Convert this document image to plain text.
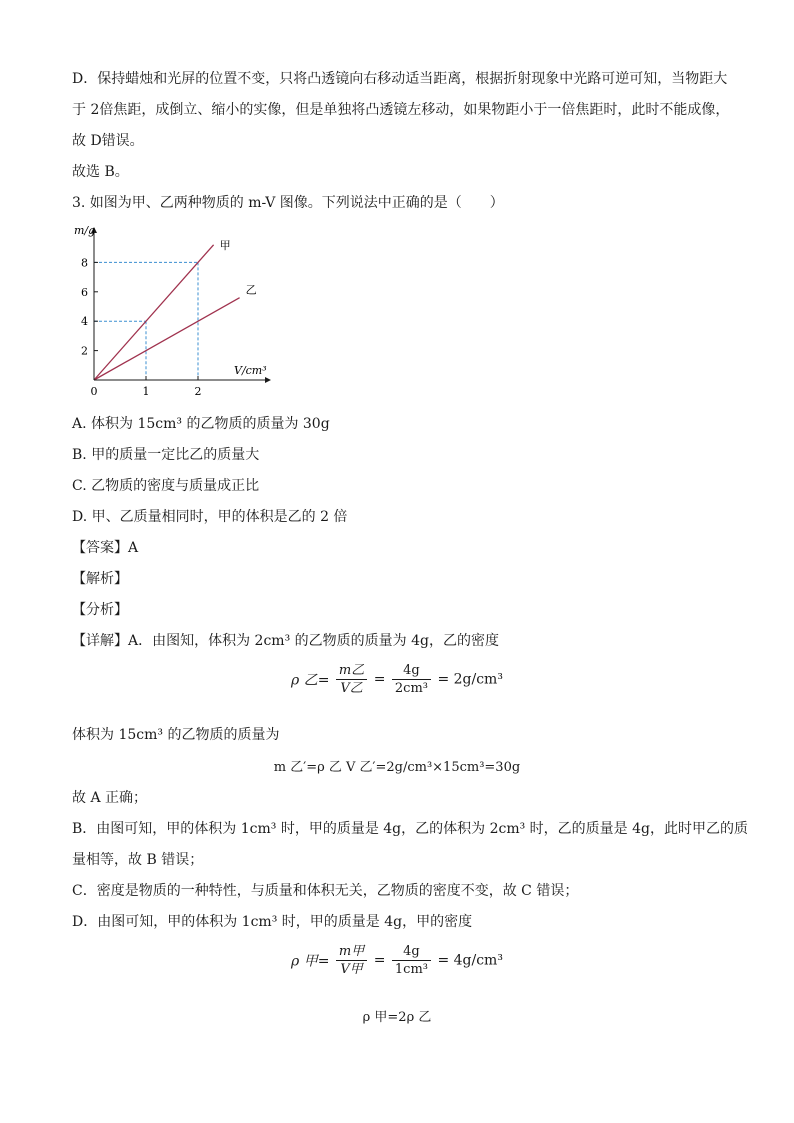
D．保持蜡烛和光屏的位置不变，只将凸透镜向右移动适当距离，根据折射现象中光路可逆可知，当物距大
于 2倍焦距，成倒立、缩小的实像，但是单独将凸透镜左移动，如果物距小于一倍焦距时，此时不能成像，
故 D错误。
故选 B。
3. 如图为甲、乙两种物质的 m-V 图像。下列说法中正确的是（　　）
甲
乙
2
4
6
8
0	1	2
m/g
V/cm³
A. 体积为 15cm³ 的乙物质的质量为 30g
B. 甲的质量一定比乙的质量大
C. 乙物质的密度与质量成正比
D. 甲、乙质量相同时，甲的体积是乙的 2 倍
【答案】A
【解析】
【分析】
【详解】A．由图知，体积为 2cm³ 的乙物质的质量为 4g，乙的密度
ρ 乙= $\frac{\text{m乙}}{\text{V乙}} = \frac{4g}{\text{2cm³}} = 2g/cm^3$
体积为 15cm³ 的乙物质的质量为
m 乙′=ρ 乙 V 乙′=2g/cm³×15cm³=30g
故 A 正确；
B．由图可知，甲的体积为 1cm³ 时，甲的质量是 4g，乙的体积为 2cm³ 时，乙的质量是 4g，此时甲乙的质
量相等，故 B 错误；
C．密度是物质的一种特性，与质量和体积无关，乙物质的密度不变，故 C 错误；
D．由图可知，甲的体积为 1cm³ 时，甲的质量是 4g，甲的密度
ρ 甲= $\frac{\text{m甲}}{\text{V甲}} = \frac{4g}{\text{1cm³}} = 4g/cm^3$
ρ 甲=2ρ 乙
